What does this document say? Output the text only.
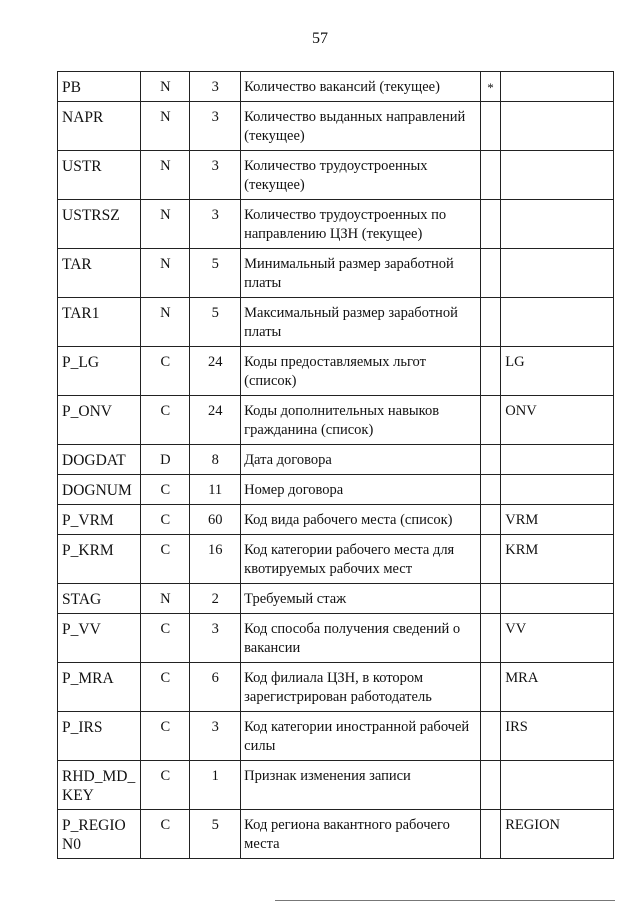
57
PB	N	3	Количество вакансий (текущее)	*	
NAPR	N	3	Количество выданных направлений (текущее)		
USTR	N	3	Количество трудоустроенных (текущее)		
USTRSZ	N	3	Количество трудоустроенных по направлению ЦЗН (текущее)		
TAR	N	5	Минимальный размер заработной платы		
TAR1	N	5	Максимальный размер заработной платы		
P_LG	C	24	Коды предоставляемых льгот (список)		LG
P_ONV	C	24	Коды дополнительных навыков гражданина (список)		ONV
DOGDAT	D	8	Дата договора		
DOGNUM	C	11	Номер договора		
P_VRM	C	60	Код вида рабочего места (список)		VRM
P_KRM	C	16	Код категории рабочего места для квотируемых рабочих мест		KRM
STAG	N	2	Требуемый стаж		
P_VV	C	3	Код способа получения сведений о вакансии		VV
P_MRA	C	6	Код филиала ЦЗН, в котором зарегистрирован работодатель		MRA
P_IRS	C	3	Код категории иностранной рабочей силы		IRS
RHD_MD_KEY	C	1	Признак изменения записи		
P_REGION0	C	5	Код региона вакантного рабочего места		REGION
